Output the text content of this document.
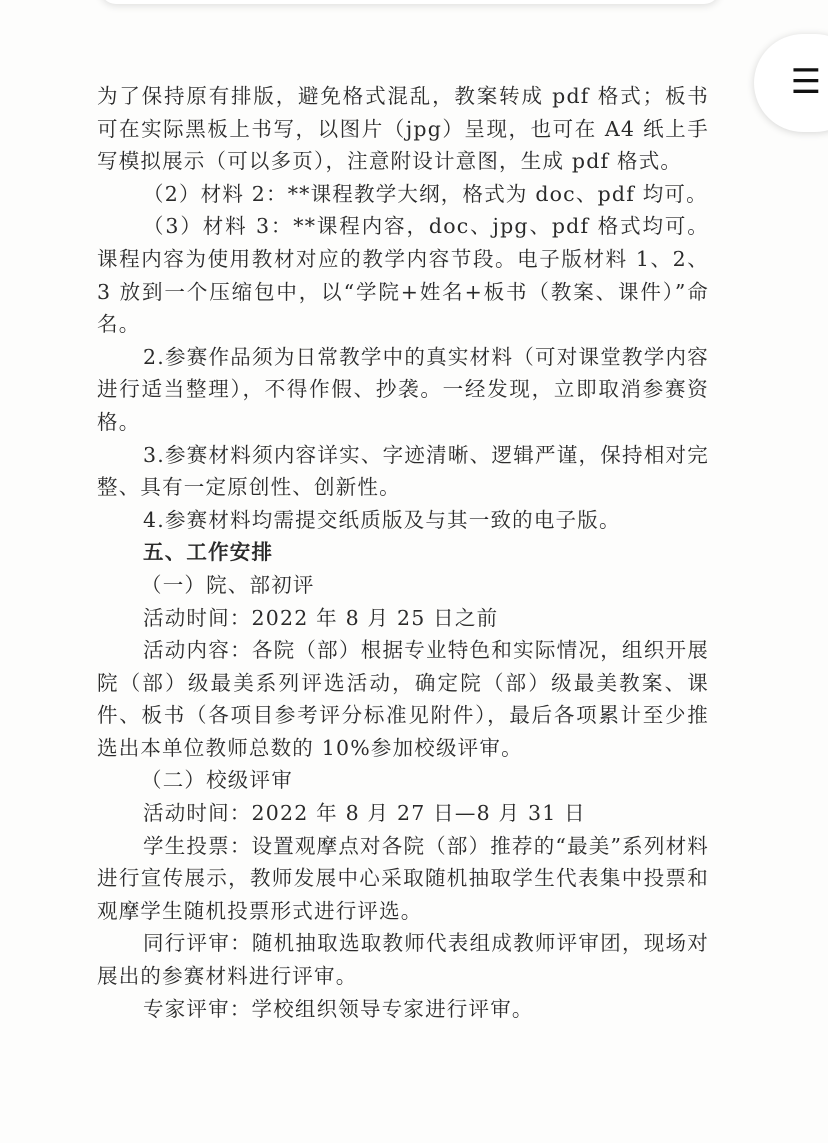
☰

为了保持原有排版，避免格式混乱，教案转成 pdf 格式；板书可在实际黑板上书写，以图片（jpg）呈现，也可在 A4 纸上手写模拟展示（可以多页），注意附设计意图，生成 pdf 格式。

（2）材料 2：**课程教学大纲，格式为 doc、pdf 均可。

（3）材料 3：**课程内容，doc、jpg、pdf 格式均可。课程内容为使用教材对应的教学内容节段。电子版材料 1、2、3 放到一个压缩包中，以“学院+姓名+板书（教案、课件）”命名。

2.参赛作品须为日常教学中的真实材料（可对课堂教学内容进行适当整理），不得作假、抄袭。一经发现，立即取消参赛资格。

3.参赛材料须内容详实、字迹清晰、逻辑严谨，保持相对完整、具有一定原创性、创新性。

4.参赛材料均需提交纸质版及与其一致的电子版。

五、工作安排

（一）院、部初评

活动时间：2022 年 8 月 25 日之前

活动内容：各院（部）根据专业特色和实际情况，组织开展院（部）级最美系列评选活动，确定院（部）级最美教案、课件、板书（各项目参考评分标准见附件），最后各项累计至少推选出本单位教师总数的 10%参加校级评审。

（二）校级评审

活动时间：2022 年 8 月 27 日—8 月 31 日

学生投票：设置观摩点对各院（部）推荐的“最美”系列材料进行宣传展示，教师发展中心采取随机抽取学生代表集中投票和观摩学生随机投票形式进行评选。

同行评审：随机抽取选取教师代表组成教师评审团，现场对展出的参赛材料进行评审。

专家评审：学校组织领导专家进行评审。
